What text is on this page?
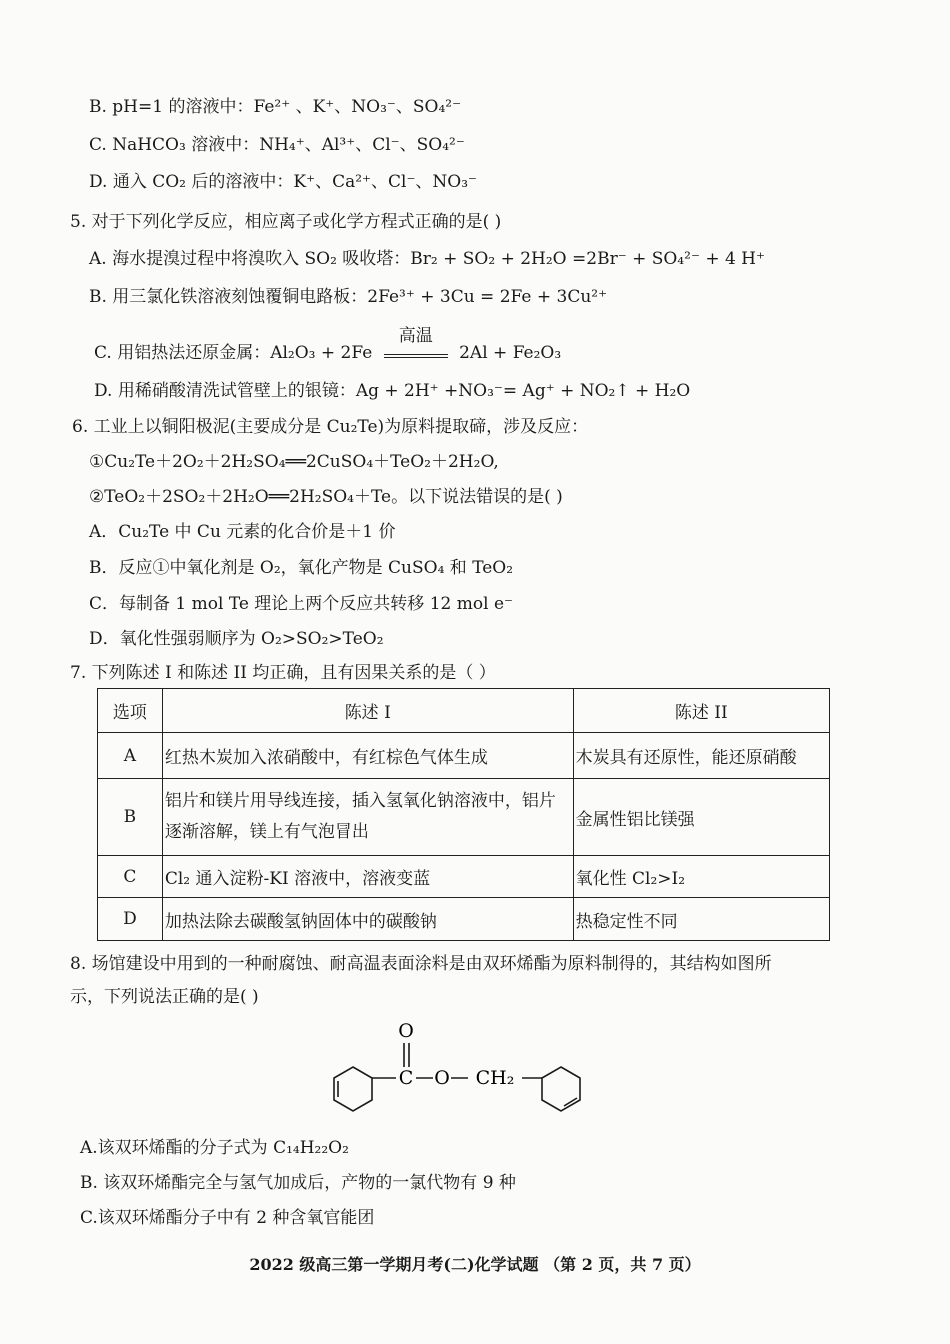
B. pH=1 的溶液中：Fe²⁺ 、K⁺、NO₃⁻、SO₄²⁻
C. NaHCO₃ 溶液中：NH₄⁺、Al³⁺、Cl⁻、SO₄²⁻
D. 通入 CO₂ 后的溶液中：K⁺、Ca²⁺、Cl⁻、NO₃⁻
5. 对于下列化学反应，相应离子或化学方程式正确的是( )
A. 海水提溴过程中将溴吹入 SO₂ 吸收塔：Br₂ + SO₂ + 2H₂O =2Br⁻ + SO₄²⁻ + 4 H⁺
B. 用三氯化铁溶液刻蚀覆铜电路板：2Fe³⁺ + 3Cu = 2Fe + 3Cu²⁺
C. 用铝热法还原金属：Al₂O₃ + 2Fe
高温
2Al + Fe₂O₃
D. 用稀硝酸清洗试管壁上的银镜：Ag + 2H⁺ +NO₃⁻= Ag⁺ + NO₂↑ + H₂O
6. 工业上以铜阳极泥(主要成分是 Cu₂Te)为原料提取碲，涉及反应：
①Cu₂Te＋2O₂＋2H₂SO₄══2CuSO₄＋TeO₂＋2H₂O,
②TeO₂＋2SO₂＋2H₂O══2H₂SO₄＋Te。以下说法错误的是( )
A．Cu₂Te 中 Cu 元素的化合价是＋1 价
B．反应①中氧化剂是 O₂，氧化产物是 CuSO₄ 和 TeO₂
C．每制备 1 mol Te 理论上两个反应共转移 12 mol e⁻
D．氧化性强弱顺序为 O₂>SO₂>TeO₂
7. 下列陈述 I 和陈述 II 均正确，且有因果关系的是（ ）
选项	陈述 I	陈述 II
A	红热木炭加入浓硝酸中，有红棕色气体生成	木炭具有还原性，能还原硝酸
B	铝片和镁片用导线连接，插入氢氧化钠溶液中，铝片逐渐溶解，镁上有气泡冒出	金属性铝比镁强
C	Cl₂ 通入淀粉-KI 溶液中，溶液变蓝	氧化性 Cl₂>I₂
D	加热法除去碳酸氢钠固体中的碳酸钠	热稳定性不同
8. 场馆建设中用到的一种耐腐蚀、耐高温表面涂料是由双环烯酯为原料制得的，其结构如图所
示，下列说法正确的是( )
O
C O CH₂
A.该双环烯酯的分子式为 C₁₄H₂₂O₂
B. 该双环烯酯完全与氢气加成后，产物的一氯代物有 9 种
C.该双环烯酯分子中有 2 种含氧官能团
2022 级高三第一学期月考(二)化学试题 （第 2 页，共 7 页）
